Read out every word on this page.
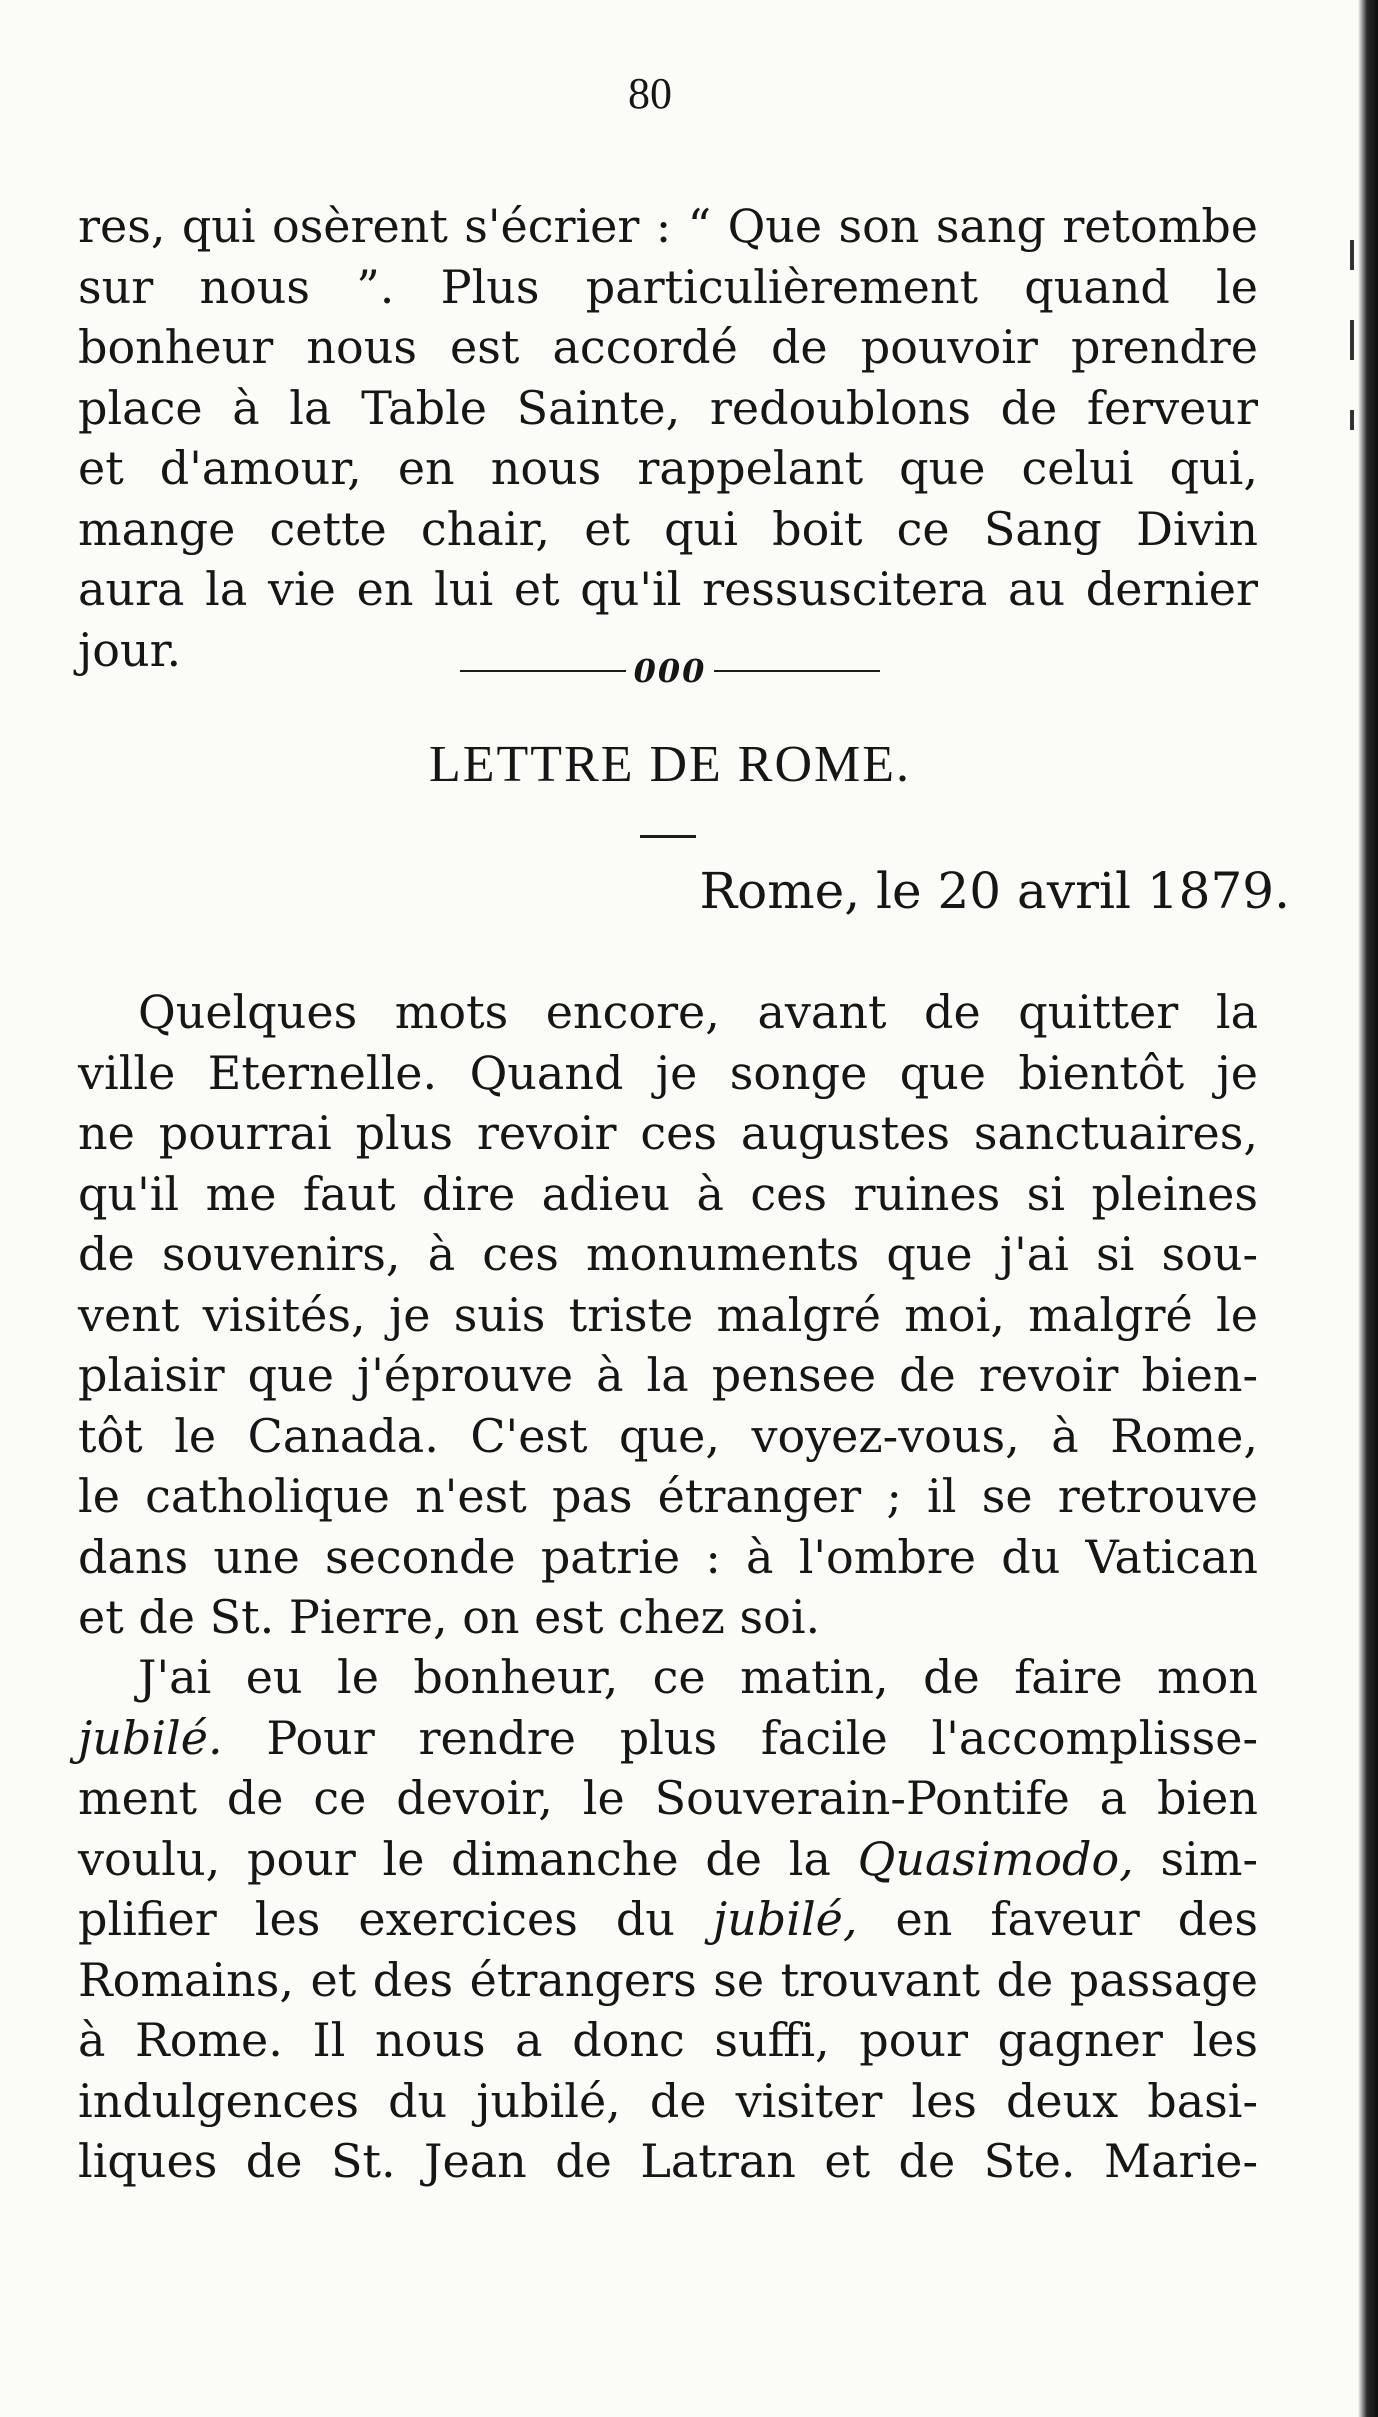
80
res, qui osèrent s'écrier : “ Que son sang retombe
sur nous ”. Plus particulièrement quand le
bonheur nous est accordé de pouvoir prendre
place à la Table Sainte, redoublons de ferveur
et d'amour, en nous rappelant que celui qui,
mange cette chair, et qui boit ce Sang Divin
aura la vie en lui et qu'il ressuscitera au dernier
jour.	000
LETTRE DE ROME.
Rome, le 20 avril 1879.
Quelques mots encore, avant de quitter la
ville Eternelle. Quand je songe que bientôt je
ne pourrai plus revoir ces augustes sanctuaires,
qu'il me faut dire adieu à ces ruines si pleines
de souvenirs, à ces monuments que j'ai si sou-
vent visités, je suis triste malgré moi, malgré le
plaisir que j'éprouve à la pensee de revoir bien-
tôt le Canada. C'est que, voyez-vous, à Rome,
le catholique n'est pas étranger ; il se retrouve
dans une seconde patrie : à l'ombre du Vatican
et de St. Pierre, on est chez soi.
J'ai eu le bonheur, ce matin, de faire mon
jubilé. Pour rendre plus facile l'accomplisse-
ment de ce devoir, le Souverain-Pontife a bien
voulu, pour le dimanche de la Quasimodo, sim-
plifier les exercices du jubilé, en faveur des
Romains, et des étrangers se trouvant de passage
à Rome. Il nous a donc suffi, pour gagner les
indulgences du jubilé, de visiter les deux basi-
liques de St. Jean de Latran et de Ste. Marie-
